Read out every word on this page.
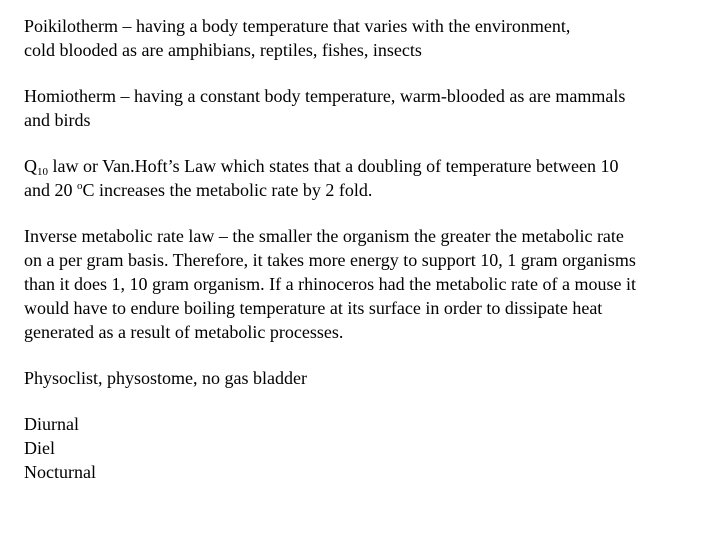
Poikilotherm – having a body temperature that varies with the environment,
cold blooded as are amphibians, reptiles, fishes, insects
Homiotherm – having a constant body temperature, warm-blooded as are mammals
and birds
$Q_{10}$ law or Van.Hoft’s Law which states that a doubling of temperature between 10
and 20 $^o$C increases the metabolic rate by 2 fold.
Inverse metabolic rate law – the smaller the organism the greater the metabolic rate
on a per gram basis. Therefore, it takes more energy to support 10, 1 gram organisms
than it does 1, 10 gram organism. If a rhinoceros had the metabolic rate of a mouse it
would have to endure boiling temperature at its surface in order to dissipate heat
generated as a result of metabolic processes.
Physoclist, physostome, no gas bladder
Diurnal
Diel
Nocturnal
